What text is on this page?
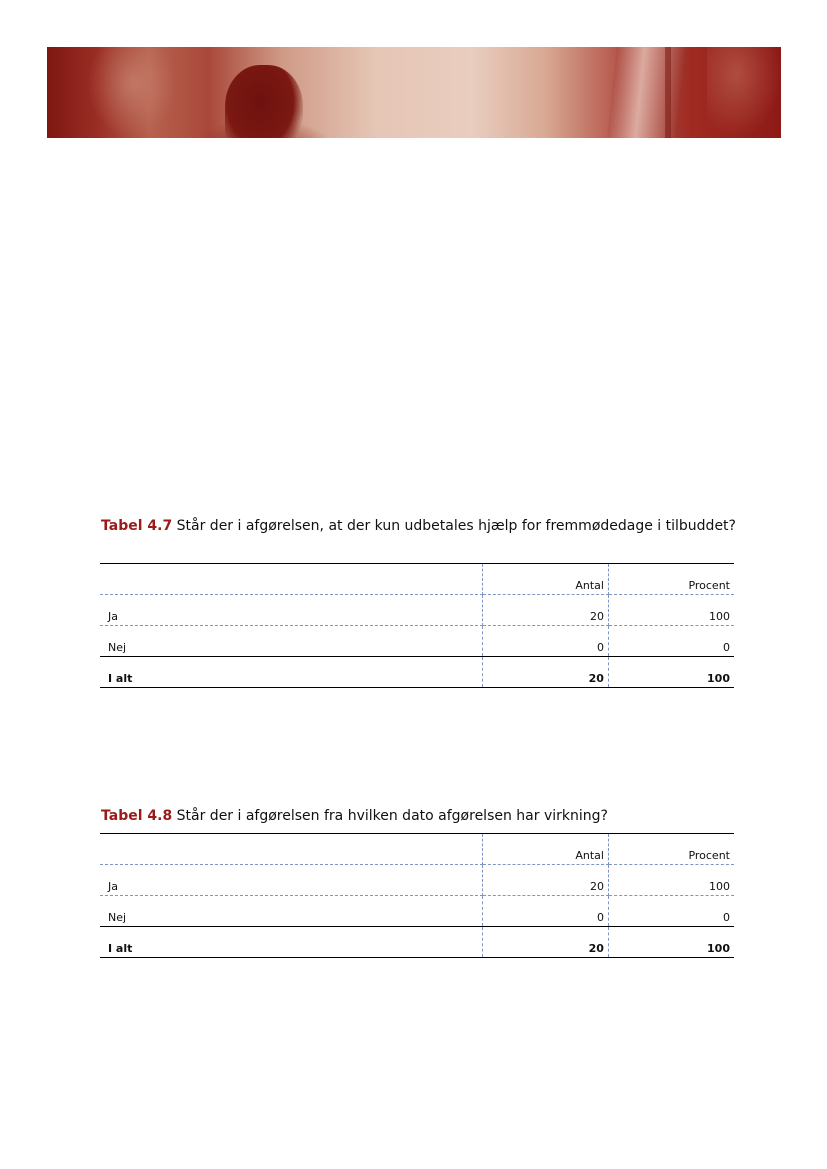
Tabel 4.7 Står der i afgørelsen, at der kun udbetales hjælp for fremmødedage i tilbuddet?
	Antal	Procent
Ja	20	100
Nej	0	0
I alt	20	100
Tabel 4.8 Står der i afgørelsen fra hvilken dato afgørelsen har virkning?
	Antal	Procent
Ja	20	100
Nej	0	0
I alt	20	100
